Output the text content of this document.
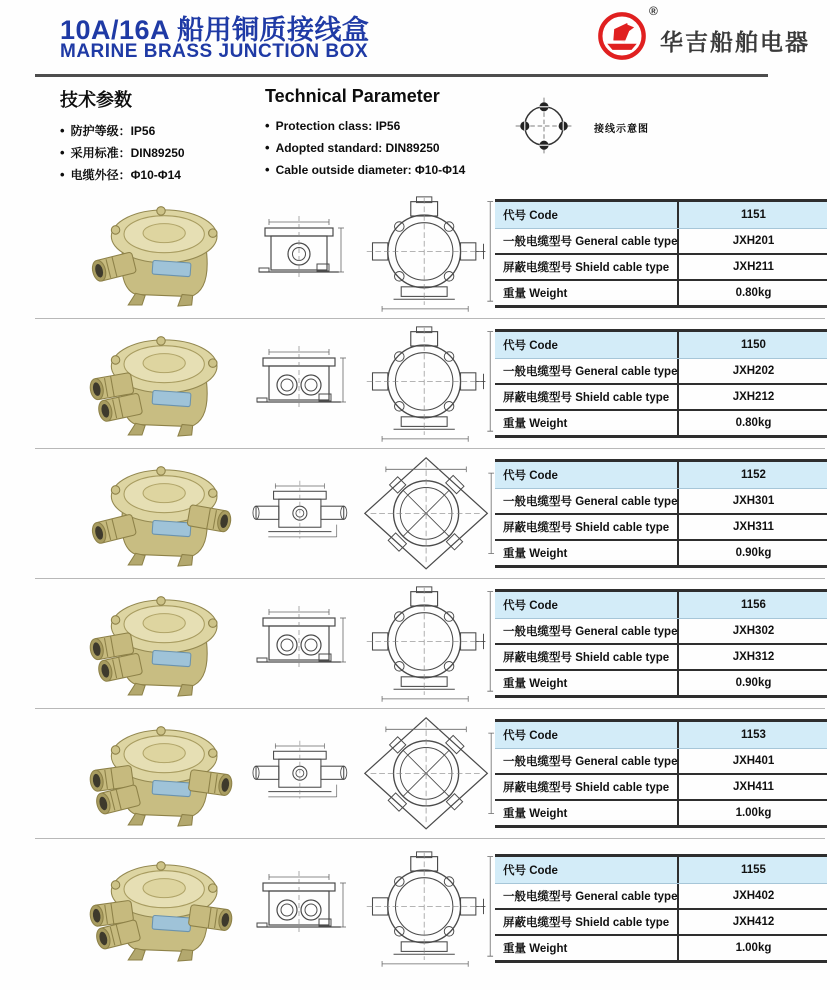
10A/16A 船用铜质接线盒
MARINE BRASS JUNCTION BOX
®
华吉船舶电器
技术参数
• 防护等级：IP56
• 采用标准：DIN89250
• 电缆外径：Φ10-Φ14
Technical Parameter
• Protection class: IP56
• Adopted standard: DIN89250
• Cable outside diameter: Φ10-Φ14
接线示意图
代号 Code	1151
一般电缆型号 General cable type	JXH201
屏蔽电缆型号 Shield cable type	JXH211
重量 Weight	0.80kg
代号 Code	1150
一般电缆型号 General cable type	JXH202
屏蔽电缆型号 Shield cable type	JXH212
重量 Weight	0.80kg
代号 Code	1152
一般电缆型号 General cable type	JXH301
屏蔽电缆型号 Shield cable type	JXH311
重量 Weight	0.90kg
代号 Code	1156
一般电缆型号 General cable type	JXH302
屏蔽电缆型号 Shield cable type	JXH312
重量 Weight	0.90kg
代号 Code	1153
一般电缆型号 General cable type	JXH401
屏蔽电缆型号 Shield cable type	JXH411
重量 Weight	1.00kg
代号 Code	1155
一般电缆型号 General cable type	JXH402
屏蔽电缆型号 Shield cable type	JXH412
重量 Weight	1.00kg
